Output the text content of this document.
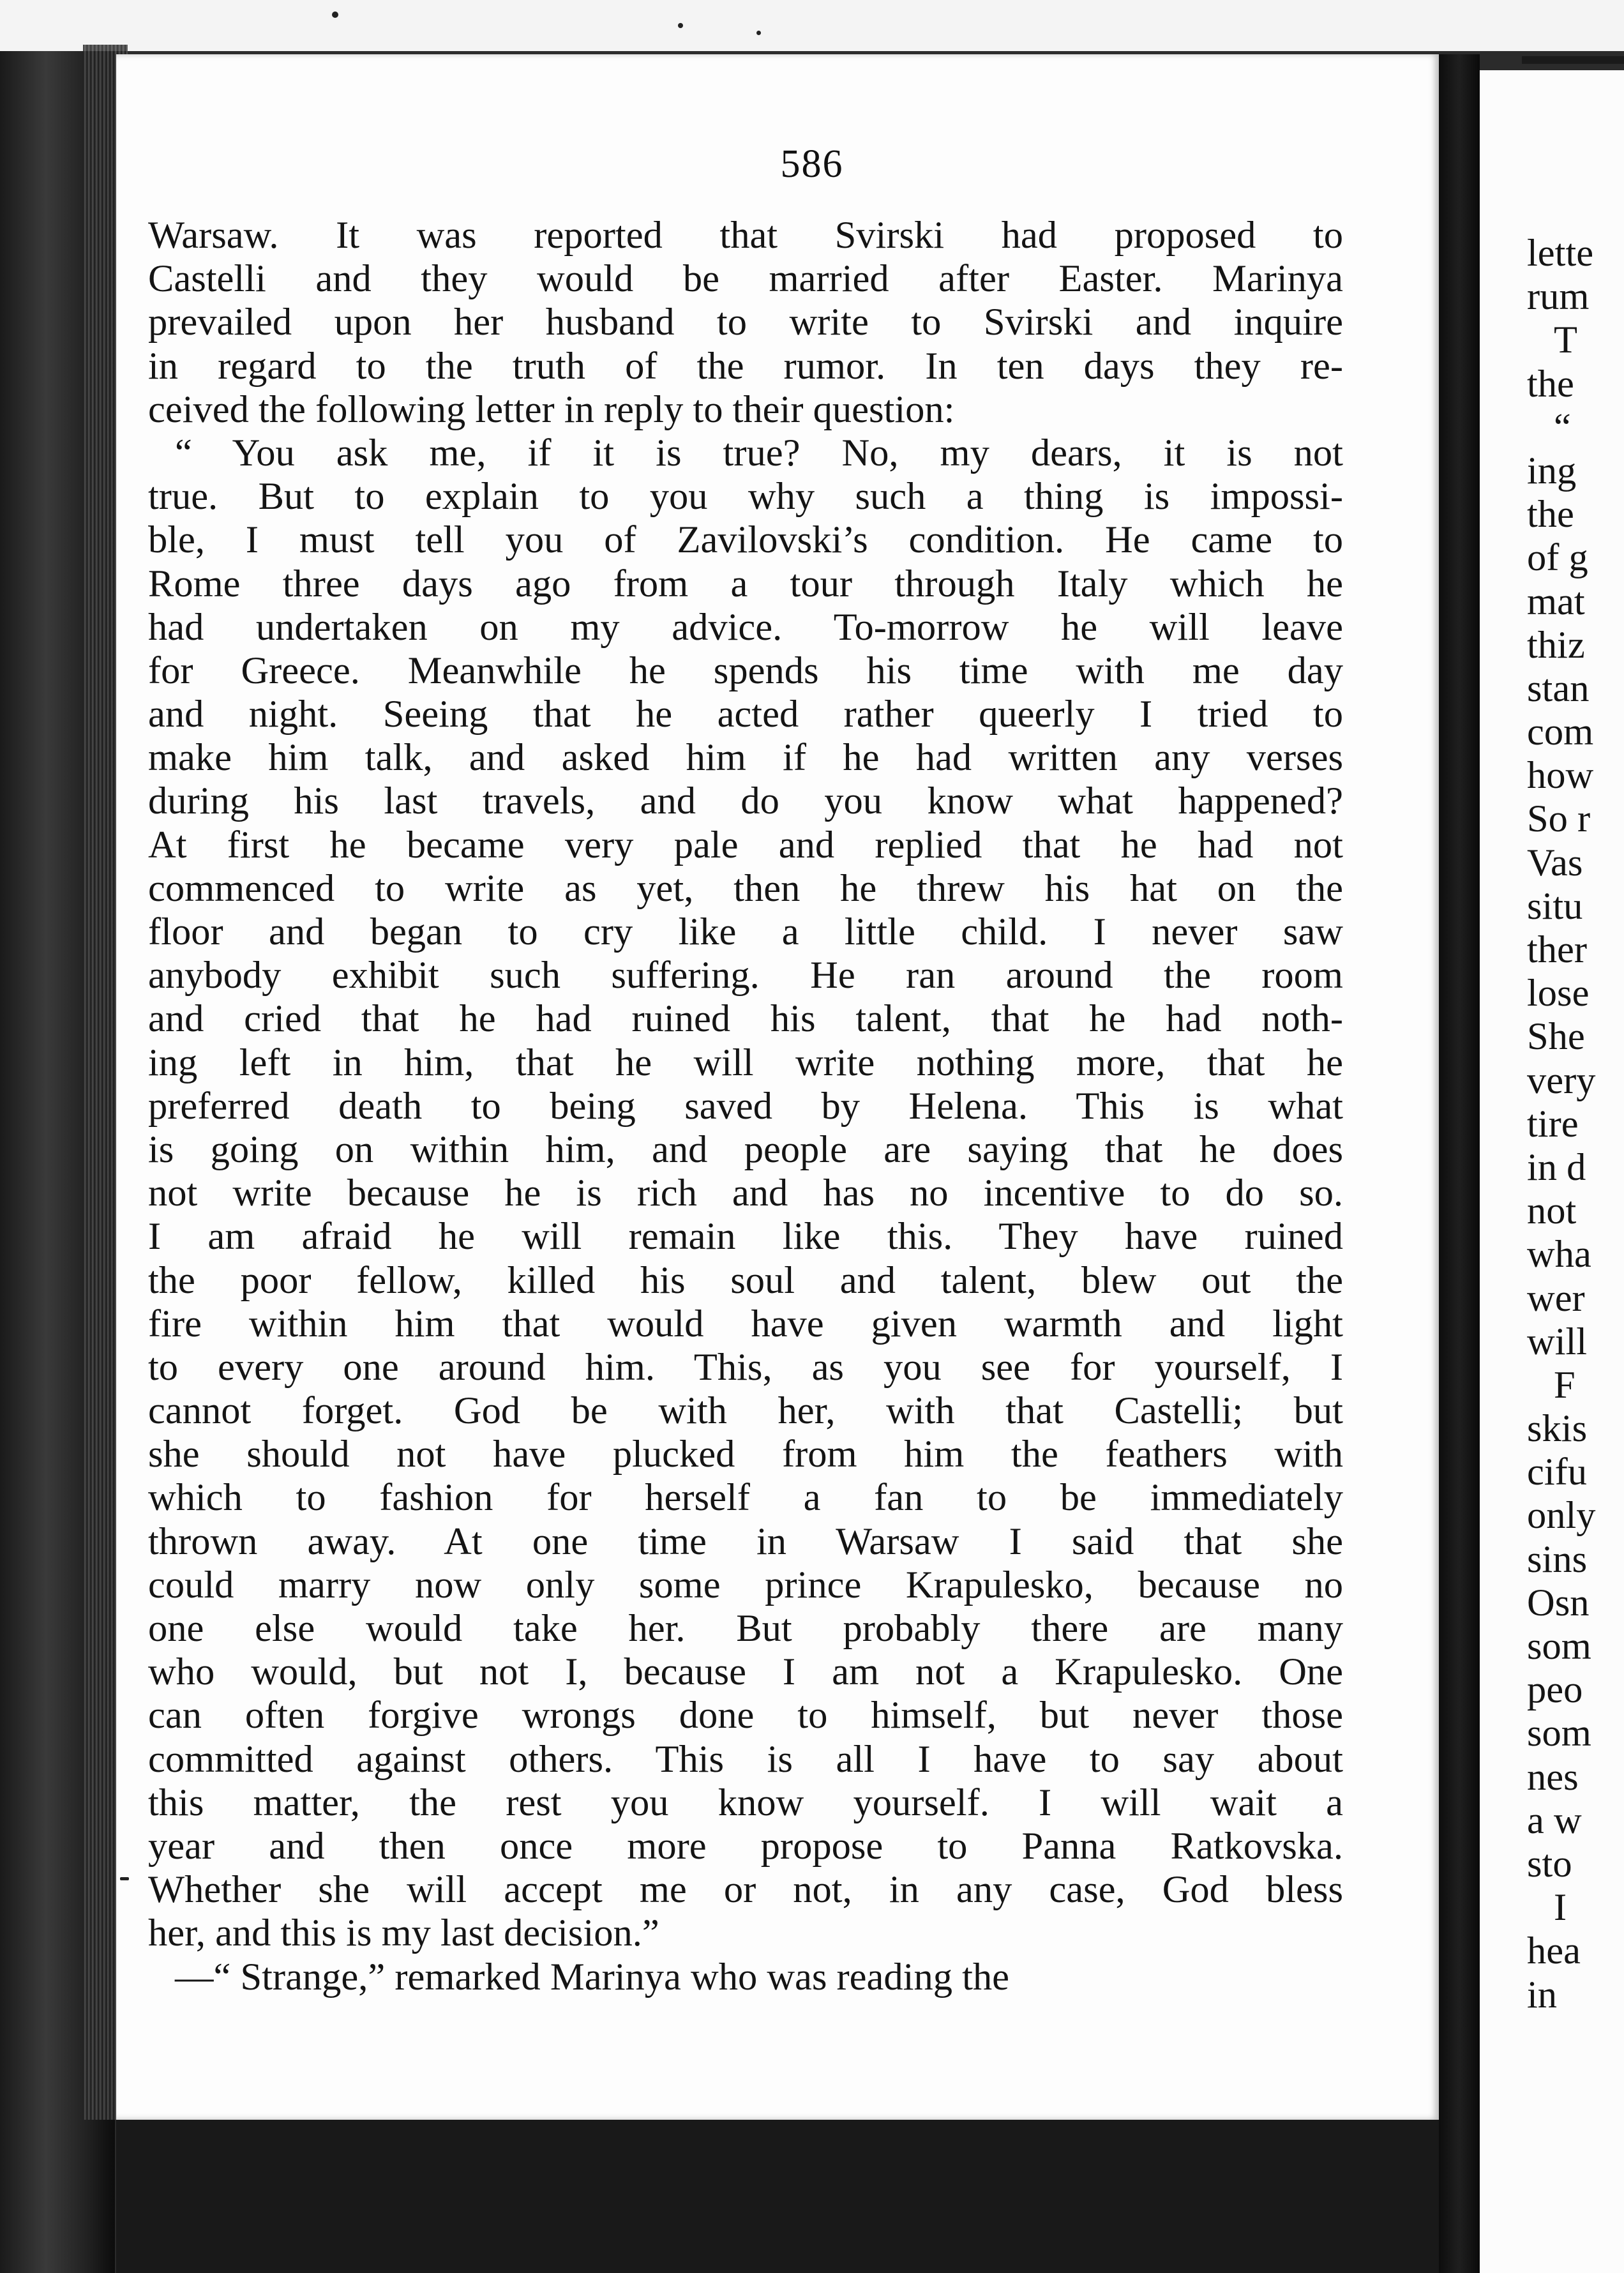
586
Warsaw. It was reported that Svirski had proposed to
Castelli and they would be married after Easter. Marinya
prevailed upon her husband to write to Svirski and inquire
in regard to the truth of the rumor. In ten days they re-
ceived the following letter in reply to their question:
“ You ask me, if it is true? No, my dears, it is not
true. But to explain to you why such a thing is impossi-
ble, I must tell you of Zavilovski’s condition. He came to
Rome three days ago from a tour through Italy which he
had undertaken on my advice. To-morrow he will leave
for Greece. Meanwhile he spends his time with me day
and night. Seeing that he acted rather queerly I tried to
make him talk, and asked him if he had written any verses
during his last travels, and do you know what happened?
At first he became very pale and replied that he had not
commenced to write as yet, then he threw his hat on the
floor and began to cry like a little child. I never saw
anybody exhibit such suffering. He ran around the room
and cried that he had ruined his talent, that he had noth-
ing left in him, that he will write nothing more, that he
preferred death to being saved by Helena. This is what
is going on within him, and people are saying that he does
not write because he is rich and has no incentive to do so.
I am afraid he will remain like this. They have ruined
the poor fellow, killed his soul and talent, blew out the
fire within him that would have given warmth and light
to every one around him. This, as you see for yourself, I
cannot forget. God be with her, with that Castelli; but
she should not have plucked from him the feathers with
which to fashion for herself a fan to be immediately
thrown away. At one time in Warsaw I said that she
could marry now only some prince Krapulesko, because no
one else would take her. But probably there are many
who would, but not I, because I am not a Krapulesko. One
can often forgive wrongs done to himself, but never those
committed against others. This is all I have to say about
this matter, the rest you know yourself. I will wait a
year and then once more propose to Panna Ratkovska.
Whether she will accept me or not, in any case, God bless
her, and this is my last decision.”
—“ Strange,” remarked Marinya who was reading the
lette
rum
T
the
“
ing
the
of g
mat
thiz
stan
com
how
So r
Vas
situ
ther
lose
She
very
tire
in d
not
wha
wer
will
F
skis
cifu
only
sins
Osn
som
peo
som
nes
a w
sto
I
hea
in
